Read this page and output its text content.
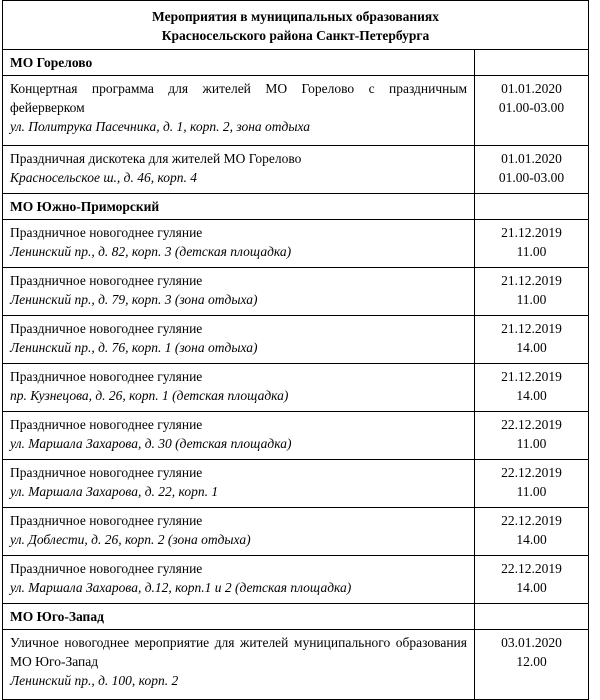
Мероприятия в муниципальных образованиях
Красносельского района Санкт-Петербурга	

МО Горелово	

Концертная программа для жителей МО Горелово с праздничным фейерверком
ул. Политрука Пасечника, д. 1, корп. 2, зона отдыха	01.01.2020
01.00-03.00

Праздничная дискотека для жителей МО Горелово
Красносельское ш., д. 46, корп. 4	01.01.2020
01.00-03.00

МО Южно-Приморский	

Праздничное новогоднее гуляние
Ленинский пр., д. 82, корп. 3 (детская площадка)	21.12.2019
11.00

Праздничное новогоднее гуляние
Ленинский пр., д. 79, корп. 3 (зона отдыха)	21.12.2019
11.00

Праздничное новогоднее гуляние
Ленинский пр., д. 76, корп. 1 (зона отдыха)	21.12.2019
14.00

Праздничное новогоднее гуляние
пр. Кузнецова, д. 26, корп. 1 (детская площадка)	21.12.2019
14.00

Праздничное новогоднее гуляние
ул. Маршала Захарова, д. 30 (детская площадка)	22.12.2019
11.00

Праздничное новогоднее гуляние
ул. Маршала Захарова, д. 22, корп. 1	22.12.2019
11.00

Праздничное новогоднее гуляние
ул. Доблести, д. 26, корп. 2 (зона отдыха)	22.12.2019
14.00

Праздничное новогоднее гуляние
ул. Маршала Захарова, д.12, корп.1 и 2 (детская площадка)	22.12.2019
14.00

МО Юго-Запад	

Уличное новогоднее мероприятие для жителей муниципального образования МО Юго-Запад
Ленинский пр., д. 100, корп. 2	03.01.2020
12.00
